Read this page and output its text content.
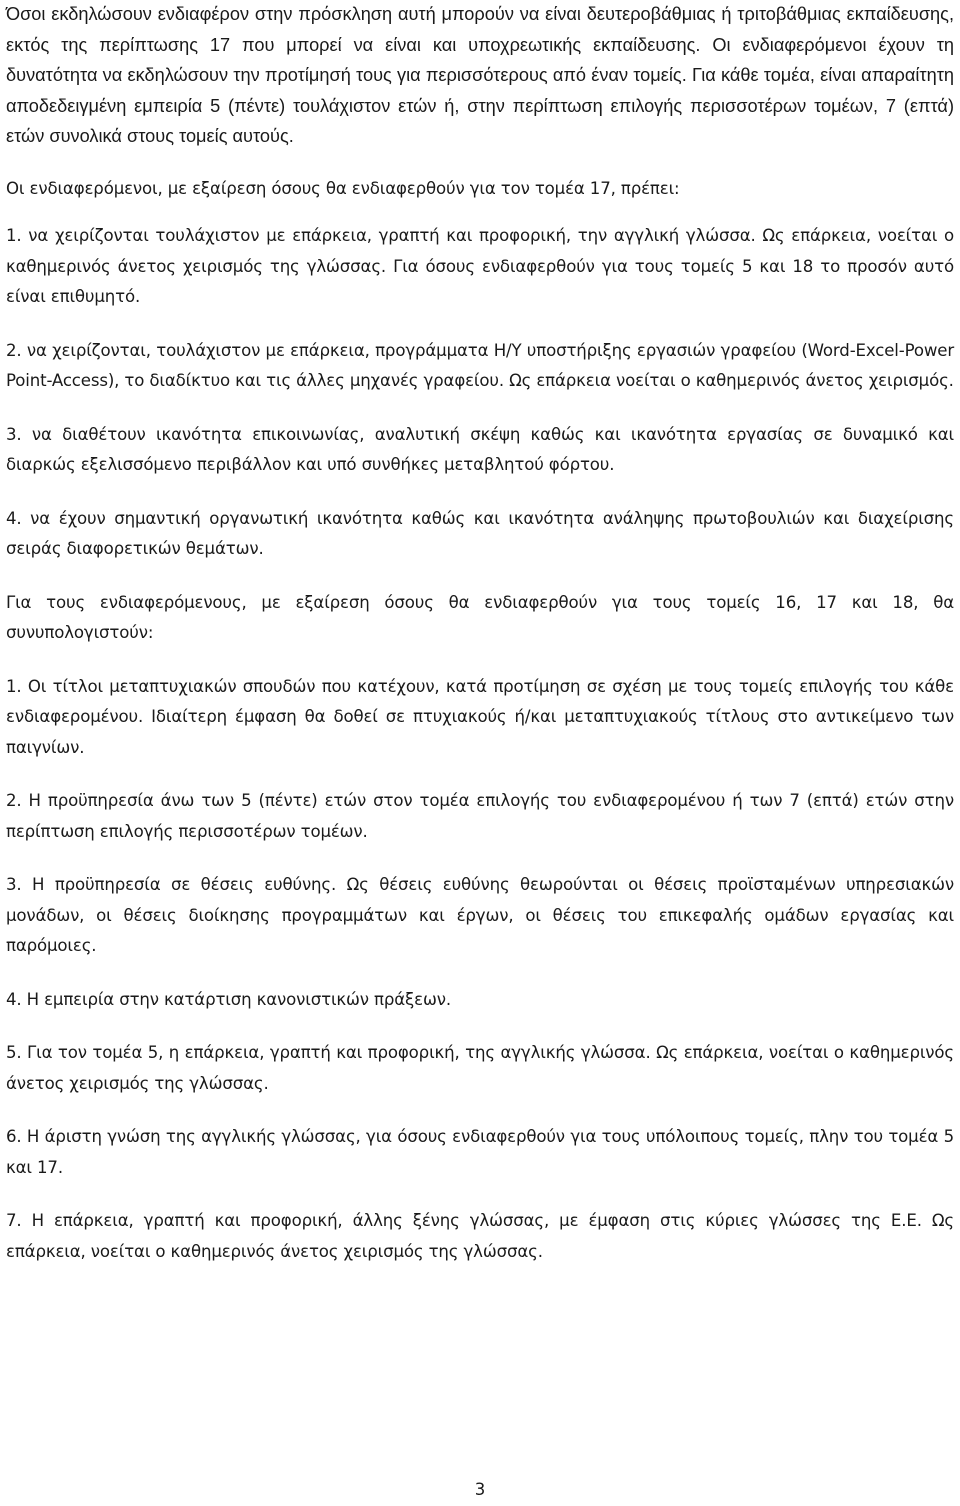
Όσοι εκδηλώσουν ενδιαφέρον στην πρόσκληση αυτή μπορούν να είναι δευτεροβάθμιας ή τριτοβάθμιας εκπαίδευσης, εκτός της περίπτωσης 17 που μπορεί να είναι και υποχρεωτικής εκπαίδευσης. Οι ενδιαφερόμενοι έχουν τη δυνατότητα να εκδηλώσουν την προτίμησή τους για περισσότερους από έναν τομείς. Για κάθε τομέα, είναι απαραίτητη αποδεδειγμένη εμπειρία 5 (πέντε) τουλάχιστον ετών ή, στην περίπτωση επιλογής περισσοτέρων τομέων, 7 (επτά) ετών συνολικά στους τομείς αυτούς.

Οι ενδιαφερόμενοι, με εξαίρεση όσους θα ενδιαφερθούν για τον τομέα 17, πρέπει:

1. να χειρίζονται τουλάχιστον με επάρκεια, γραπτή και προφορική, την αγγλική γλώσσα. Ως επάρκεια, νοείται ο καθημερινός άνετος χειρισμός της γλώσσας. Για όσους ενδιαφερθούν για τους τομείς 5 και 18 το προσόν αυτό είναι επιθυμητό.

2. να χειρίζονται, τουλάχιστον με επάρκεια, προγράμματα Η/Υ υποστήριξης εργασιών γραφείου (Word-Excel-Power Point-Access), το διαδίκτυο και τις άλλες μηχανές γραφείου. Ως επάρκεια νοείται ο καθημερινός άνετος χειρισμός.

3. να διαθέτουν ικανότητα επικοινωνίας, αναλυτική σκέψη καθώς και ικανότητα εργασίας σε δυναμικό και διαρκώς εξελισσόμενο περιβάλλον και υπό συνθήκες μεταβλητού φόρτου.

4. να έχουν σημαντική οργανωτική ικανότητα καθώς και ικανότητα ανάληψης πρωτοβουλιών και διαχείρισης σειράς διαφορετικών θεμάτων.

Για τους ενδιαφερόμενους, με εξαίρεση όσους θα ενδιαφερθούν για τους τομείς 16, 17 και 18, θα συνυπολογιστούν:

1. Οι τίτλοι μεταπτυχιακών σπουδών που κατέχουν, κατά προτίμηση σε σχέση με τους τομείς επιλογής του κάθε ενδιαφερομένου. Ιδιαίτερη έμφαση θα δοθεί σε πτυχιακούς ή/και μεταπτυχιακούς τίτλους στο αντικείμενο των παιγνίων.

2. Η προϋπηρεσία άνω των 5 (πέντε) ετών στον τομέα επιλογής του ενδιαφερομένου ή των 7 (επτά) ετών στην περίπτωση επιλογής περισσοτέρων τομέων.

3. Η προϋπηρεσία σε θέσεις ευθύνης. Ως θέσεις ευθύνης θεωρούνται οι θέσεις προϊσταμένων υπηρεσιακών μονάδων, οι θέσεις διοίκησης προγραμμάτων και έργων, οι θέσεις του επικεφαλής ομάδων εργασίας και παρόμοιες.

4. Η εμπειρία στην κατάρτιση κανονιστικών πράξεων.

5. Για τον τομέα 5, η επάρκεια, γραπτή και προφορική, της αγγλικής γλώσσα. Ως επάρκεια, νοείται ο καθημερινός άνετος χειρισμός της γλώσσας.

6. Η άριστη γνώση της αγγλικής γλώσσας, για όσους ενδιαφερθούν για τους υπόλοιπους τομείς, πλην του τομέα 5 και 17.

7. Η επάρκεια, γραπτή και προφορική, άλλης ξένης γλώσσας, με έμφαση στις κύριες γλώσσες της Ε.Ε. Ως επάρκεια, νοείται ο καθημερινός άνετος χειρισμός της γλώσσας.

3
